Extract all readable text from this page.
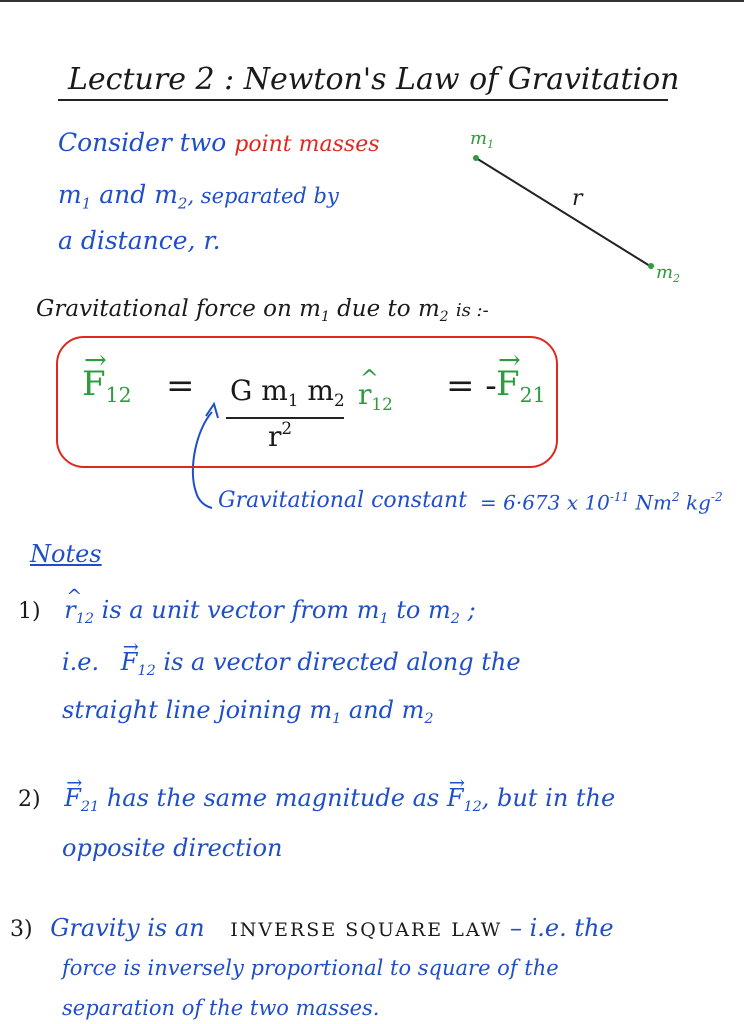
Lecture 2 : Newton's Law of Gravitation
Consider two point masses
$m_1$ and $m_2$, separated by
a distance, r.
$m_1$
$m_2$
r
Gravitational force on $m_1$ due to $m_2$ is :-
→ $F_{12} = G$ $m_1$ $m_2$ ^ $r_{12}$
$r^2$
= - → $F_{21}$
Gravitational constant = 6·673 x $10^{-11}$ Nm$^2$ $kg^{-2}$
Notes
1) ^ $r_{12}$ is a unit vector from $m_1$ to $m_2$ ;
i.e. → $F_{12}$ is a vector directed along the
straight line joining $m_1$ and $m_2$
$2) \to F_{21}$ has the same magnitude as → $F_{12}$, but in the
opposite direction
3) Gravity is an INVERSE SQUARE LAW – i.e. the
force is inversely proportional to square of the
separation of the two masses.
